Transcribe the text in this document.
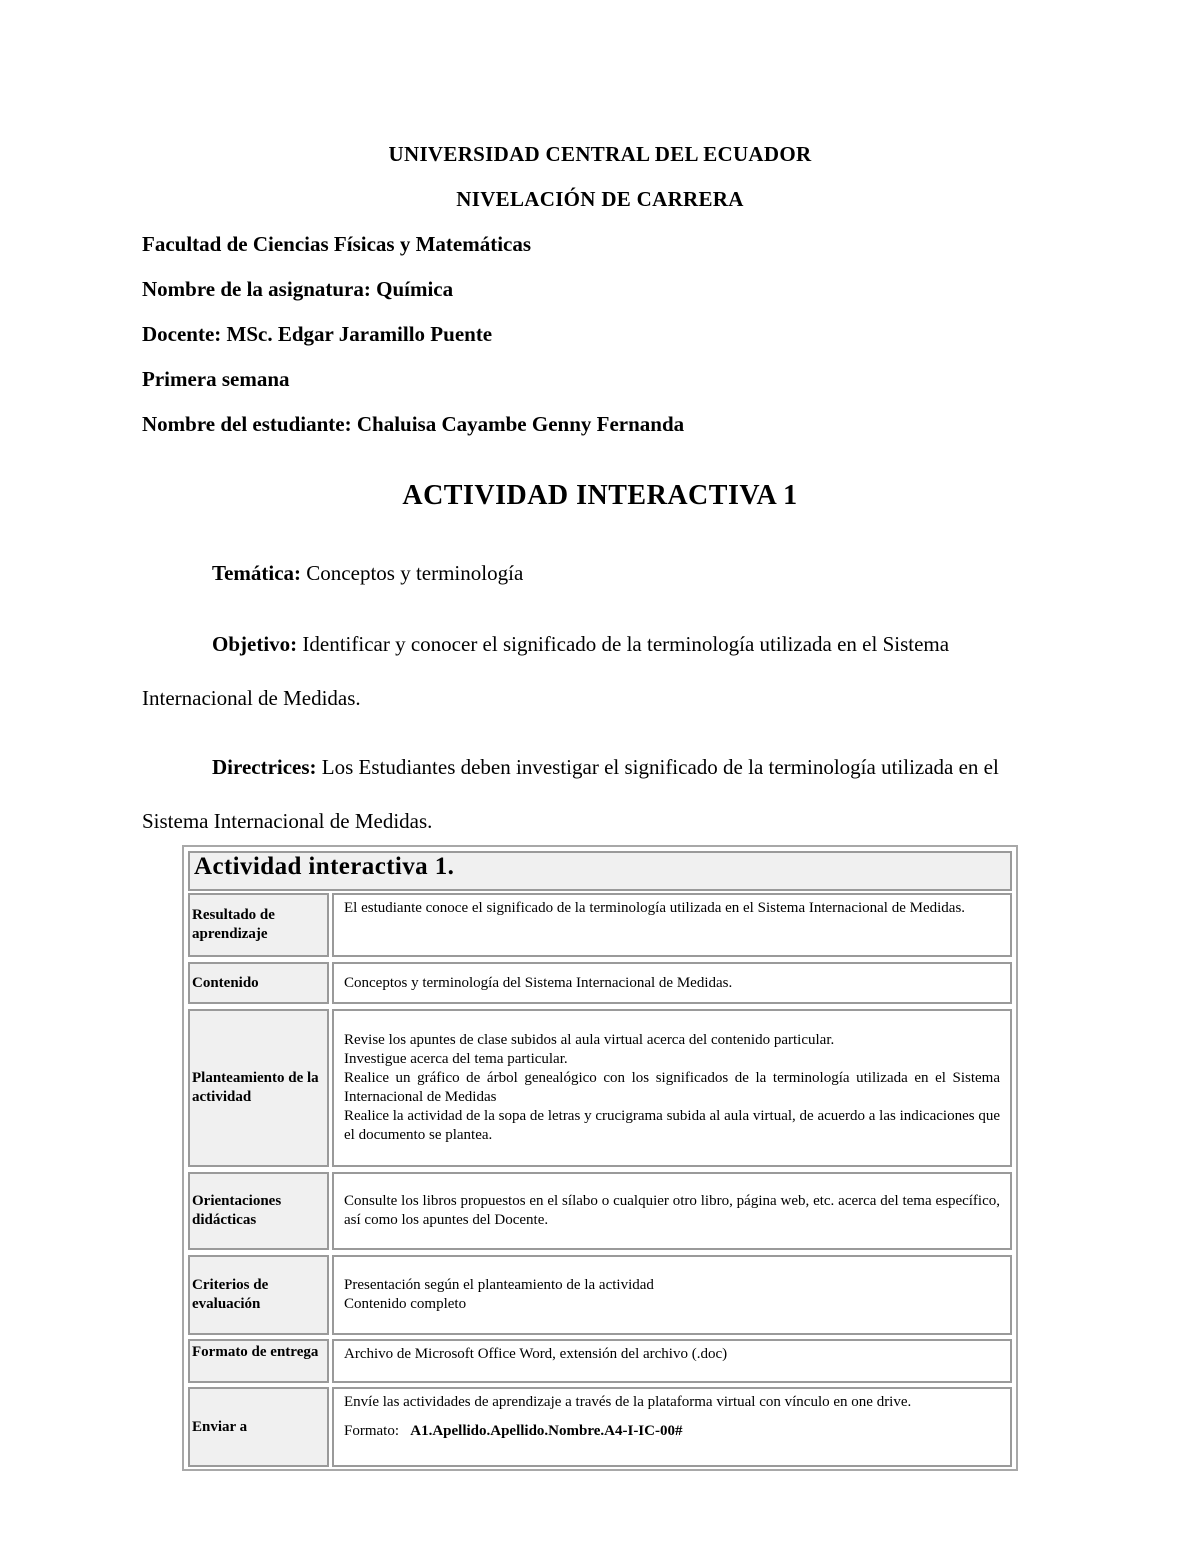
UNIVERSIDAD CENTRAL DEL ECUADOR
NIVELACIÓN DE CARRERA
Facultad de Ciencias Físicas y Matemáticas
Nombre de la asignatura: Química
Docente: MSc. Edgar Jaramillo Puente
Primera semana
Nombre del estudiante: Chaluisa Cayambe Genny Fernanda
ACTIVIDAD INTERACTIVA 1
Temática: Conceptos y terminología
Objetivo: Identificar y conocer el significado de la terminología utilizada en el Sistema Internacional de Medidas.
Directrices: Los Estudiantes deben investigar el significado de la terminología utilizada en el Sistema Internacional de Medidas.
Actividad interactiva 1.
Resultado de aprendizaje
El estudiante conoce el significado de la terminología utilizada en el Sistema Internacional de Medidas.
Contenido	Conceptos y terminología del Sistema Internacional de Medidas.
Planteamiento de la actividad
Revise los apuntes de clase subidos al aula virtual acerca del contenido particular.
Investigue acerca del tema particular.
Realice un gráfico de árbol genealógico con los significados de la terminología utilizada en el Sistema Internacional de Medidas
Realice la actividad de la sopa de letras y crucigrama subida al aula virtual, de acuerdo a las indicaciones que el documento se plantea.
Orientaciones didácticas
Consulte los libros propuestos en el sílabo o cualquier otro libro, página web, etc. acerca del tema específico, así como los apuntes del Docente.
Criterios de evaluación
Presentación según el planteamiento de la actividad
Contenido completo
Formato de entrega	Archivo de Microsoft Office Word, extensión del archivo (.doc)
Enviar a
Envíe las actividades de aprendizaje a través de la plataforma virtual con vínculo en one drive.
Formato: A1.Apellido.Apellido.Nombre.A4-I-IC-00#
